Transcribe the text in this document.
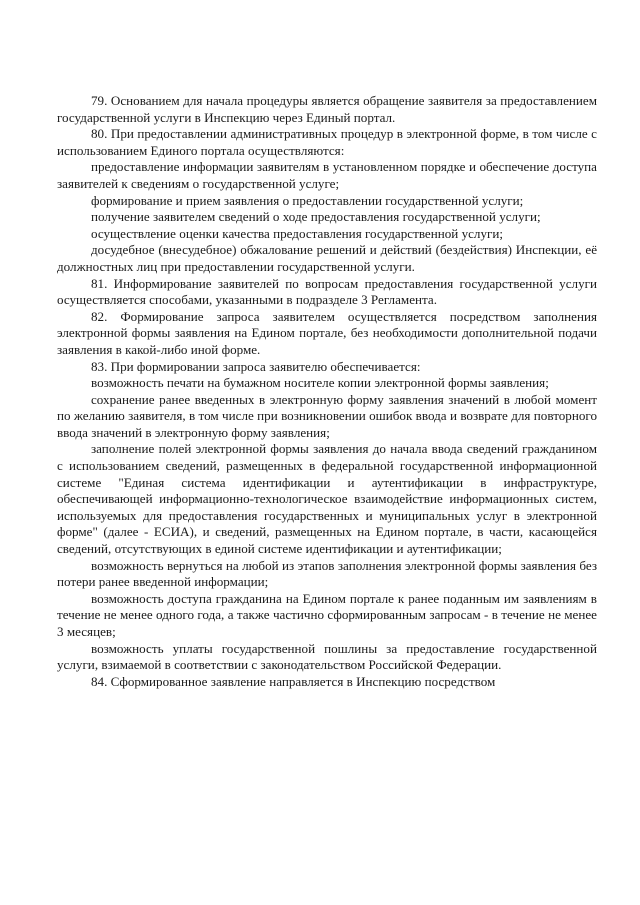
79. Основанием для начала процедуры является обращение заявителя за предоставлением государственной услуги в Инспекцию через Единый портал.

80. При предоставлении административных процедур в электронной форме, в том числе с использованием Единого портала осуществляются:

предоставление информации заявителям в установленном порядке и обеспечение доступа заявителей к сведениям о государственной услуге;

формирование и прием заявления о предоставлении государственной услуги;

получение заявителем сведений о ходе предоставления государственной услуги;

осуществление оценки качества предоставления государственной услуги;

досудебное (внесудебное) обжалование решений и действий (бездействия) Инспекции, её должностных лиц при предоставлении государственной услуги.

81. Информирование заявителей по вопросам предоставления государственной услуги осуществляется способами, указанными в подразделе 3 Регламента.

82. Формирование запроса заявителем осуществляется посредством заполнения электронной формы заявления на Едином портале, без необходимости дополнительной подачи заявления в какой-либо иной форме.

83. При формировании запроса заявителю обеспечивается:

возможность печати на бумажном носителе копии электронной формы заявления;

сохранение ранее введенных в электронную форму заявления значений в любой момент по желанию заявителя, в том числе при возникновении ошибок ввода и возврате для повторного ввода значений в электронную форму заявления;

заполнение полей электронной формы заявления до начала ввода сведений гражданином с использованием сведений, размещенных в федеральной государственной информационной системе "Единая система идентификации и аутентификации в инфраструктуре, обеспечивающей информационно-технологическое взаимодействие информационных систем, используемых для предоставления государственных и муниципальных услуг в электронной форме" (далее - ЕСИА), и сведений, размещенных на Едином портале, в части, касающейся сведений, отсутствующих в единой системе идентификации и аутентификации;

возможность вернуться на любой из этапов заполнения электронной формы заявления без потери ранее введенной информации;

возможность доступа гражданина на Едином портале к ранее поданным им заявлениям в течение не менее одного года, а также частично сформированным запросам - в течение не менее 3 месяцев;

возможность уплаты государственной пошлины за предоставление государственной услуги, взимаемой в соответствии с законодательством Российской Федерации.

84. Сформированное заявление направляется в Инспекцию посредством
